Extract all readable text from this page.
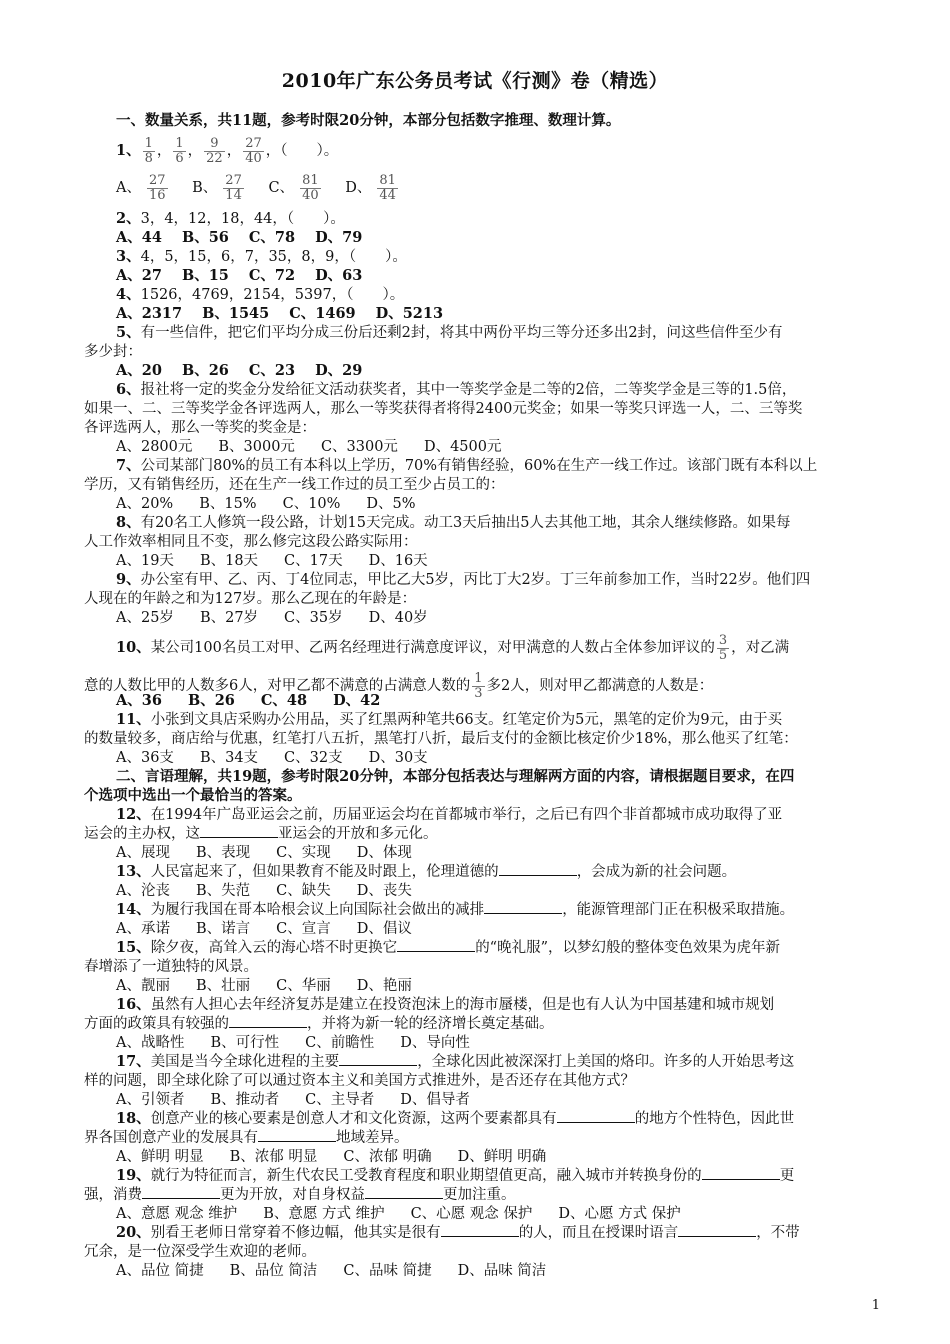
2010年广东公务员考试《行测》卷（精选）
一、数量关系，共11题，参考时限20分钟，本部分包括数字推理、数理计算。
1、 $\frac{1}{8}$ ， $\frac{1}{6}$ ， $\frac{9}{22}$ ， $\frac{27}{40}$ ，（　　）。
A、 $\frac{27}{16}$ B、 $\frac{27}{14}$ C、 $\frac{81}{40}$ D、 $\frac{81}{44}$
2、3，4，12，18，44，（　　）。
A、44 B、56 C、78 D、79
3、4，5，15，6，7，35，8，9，（　　）。
A、27 B、15 C、72 D、63
4、1526，4769，2154，5397，（　　）。
A、2317 B、1545 C、1469 D、5213
5、有一些信件，把它们平均分成三份后还剩2封，将其中两份平均三等分还多出2封，问这些信件至少有
多少封：
A、20 B、26 C、23 D、29
6、报社将一定的奖金分发给征文活动获奖者，其中一等奖学金是二等的2倍，二等奖学金是三等的1.5倍，
如果一、二、三等奖学金各评选两人，那么一等奖获得者将得2400元奖金；如果一等奖只评选一人，二、三等奖
各评选两人，那么一等奖的奖金是：
A、2800元 B、3000元 C、3300元 D、4500元
7、公司某部门80%的员工有本科以上学历，70%有销售经验，60%在生产一线工作过。该部门既有本科以上
学历，又有销售经历，还在生产一线工作过的员工至少占员工的：
A、20% B、15% C、10% D、5%
8、有20名工人修筑一段公路，计划15天完成。动工3天后抽出5人去其他工地，其余人继续修路。如果每
人工作效率相同且不变，那么修完这段公路实际用：
A、19天 B、18天 C、17天 D、16天
9、办公室有甲、乙、丙、丁4位同志，甲比乙大5岁，丙比丁大2岁。丁三年前参加工作，当时22岁。他们四
人现在的年龄之和为127岁。那么乙现在的年龄是：
A、25岁 B、27岁 C、35岁 D、40岁
10、某公司100名员工对甲、乙两名经理进行满意度评议，对甲满意的人数占全体参加评议的 $\frac{3}{5}$ ，对乙满
意的人数比甲的人数多6人，对甲乙都不满意的占满意人数的 $\frac{1}{3}$ 多2人，则对甲乙都满意的人数是：
A、36 B、26 C、48 D、42
11、小张到文具店采购办公用品，买了红黑两种笔共66支。红笔定价为5元，黑笔的定价为9元，由于买
的数量较多，商店给与优惠，红笔打八五折，黑笔打八折，最后支付的金额比核定价少18%，那么他买了红笔：
A、36支 B、34支 C、32支 D、30支
二、言语理解，共19题，参考时限20分钟，本部分包括表达与理解两方面的内容，请根据题目要求，在四
个选项中选出一个最恰当的答案。
12、在1994年广岛亚运会之前，历届亚运会均在首都城市举行，之后已有四个非首都城市成功取得了亚
运会的主办权，这	亚运会的开放和多元化。
A、展现 B、表现 C、实现 D、体现
13、人民富起来了，但如果教育不能及时跟上，伦理道德的	，会成为新的社会问题。
A、沦丧 B、失范 C、缺失 D、丧失
14、为履行我国在哥本哈根会议上向国际社会做出的减排	，能源管理部门正在积极采取措施。
A、承诺 B、诺言 C、宣言 D、倡议
15、除夕夜，高耸入云的海心塔不时更换它	的“晚礼服”，以梦幻般的整体变色效果为虎年新
春增添了一道独特的风景。
A、靓丽 B、壮丽 C、华丽 D、艳丽
16、虽然有人担心去年经济复苏是建立在投资泡沫上的海市蜃楼，但是也有人认为中国基建和城市规划
方面的政策具有较强的	，并将为新一轮的经济增长奠定基础。
A、战略性 B、可行性 C、前瞻性 D、导向性
17、美国是当今全球化进程的主要	，全球化因此被深深打上美国的烙印。许多的人开始思考这
样的问题，即全球化除了可以通过资本主义和美国方式推进外，是否还存在其他方式？
A、引领者 B、推动者 C、主导者 D、倡导者
18、创意产业的核心要素是创意人才和文化资源，这两个要素都具有	的地方个性特色，因此世
界各国创意产业的发展具有	地域差异。
A、鲜明 明显 B、浓郁 明显 C、浓郁 明确 D、鲜明 明确
19、就行为特征而言，新生代农民工受教育程度和职业期望值更高，融入城市并转换身份的	更
强，消费	更为开放，对自身权益	更加注重。
A、意愿 观念 维护 B、意愿 方式 维护 C、心愿 观念 保护 D、心愿 方式 保护
20、别看王老师日常穿着不修边幅，他其实是很有	的人，而且在授课时语言	，不带
冗余，是一位深受学生欢迎的老师。
A、品位 简捷 B、品位 简洁 C、品味 简捷 D、品味 简洁
1
